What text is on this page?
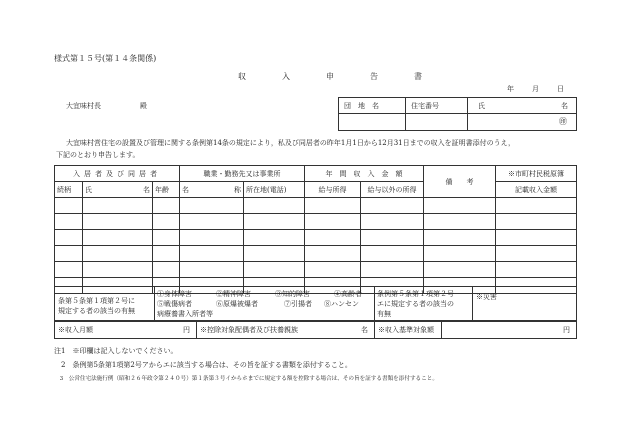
様式第１５号(第１４条関係)
収　入　申　告　書
年	月	日
大宜味村長	殿	団　地　名	住宅番号	氏	名
㊞
大宜味村営住宅の設置及び管理に関する条例第14条の規定により，私及び同居者の昨年1月1日から12月31日までの収入を証明書添付のうえ，
下記のとおり申告します。
入居者及び同居者			職業・勤務先又は事業所		年　間　収　入　金　額		備　　考	※市町村民税原簿
続柄	氏 名	年齢	名 称	所在地(電話)	給与所得	給与以外の所得		記載収入金額

条第５条第１項第２号に
規定する者の該当の有無
①身体障害	②精神障害	③知的障害	④高齢者
⑤戦傷病者	⑥原爆被爆者	⑦引揚者 ⑧ハンセン
病療養書入所者等
条例第５条第１項第２号
エに規定する者の該当の
有無
※災害
※収入月額	円 ※控除対象配偶者及び扶養親族	名 ※収入基準対象額	円
注1　※印欄は記入しないでください。
　2　条例第5条第1項第2号アからエに該当する場合は、その旨を証する書類を添付すること。
　3　公営住宅法施行例（昭和２６年政令第２４０号）第１条第３号イからホまでに規定する額を控除する場合は、その旨を証する書類を添付すること。
